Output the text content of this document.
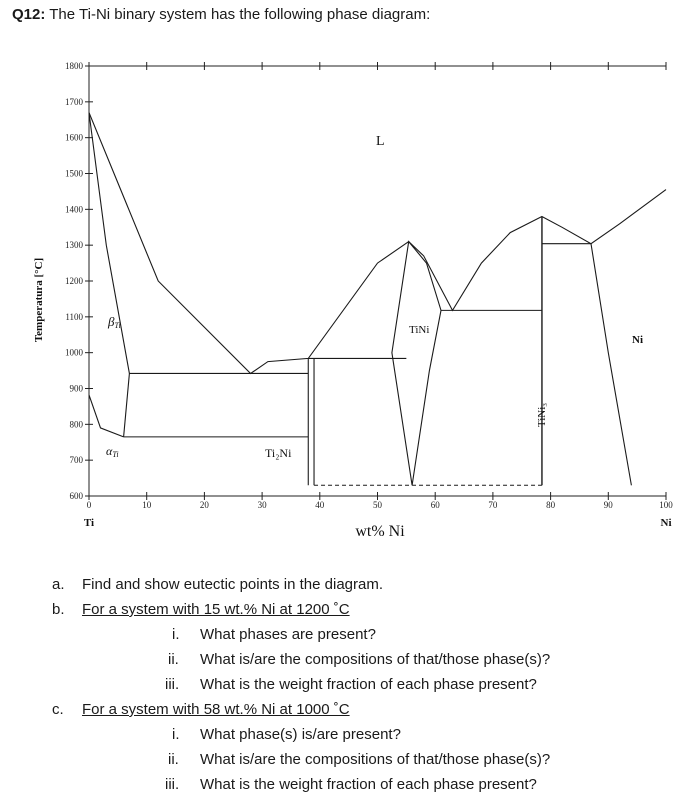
Q12: The Ti-Ni binary system has the following phase diagram:
600
700
800
900
1000
1100
1200
1300
1400
1500
1600
1700
1800
0	10	20	30	40	50	60	70	80	90	100
Temperatura [°C]
wt% Ni
Ti	Ni
L
βTi
αTi	Ti₂Ni
TiNi
TiNi₃
Ni
a. Find and show eutectic points in the diagram.
b. For a system with 15 wt.% Ni at 1200 ˚C
i. What phases are present?
ii. What is/are the compositions of that/those phase(s)?
iii. What is the weight fraction of each phase present?
c. For a system with 58 wt.% Ni at 1000 ˚C
i. What phase(s) is/are present?
ii. What is/are the compositions of that/those phase(s)?
iii. What is the weight fraction of each phase present?
